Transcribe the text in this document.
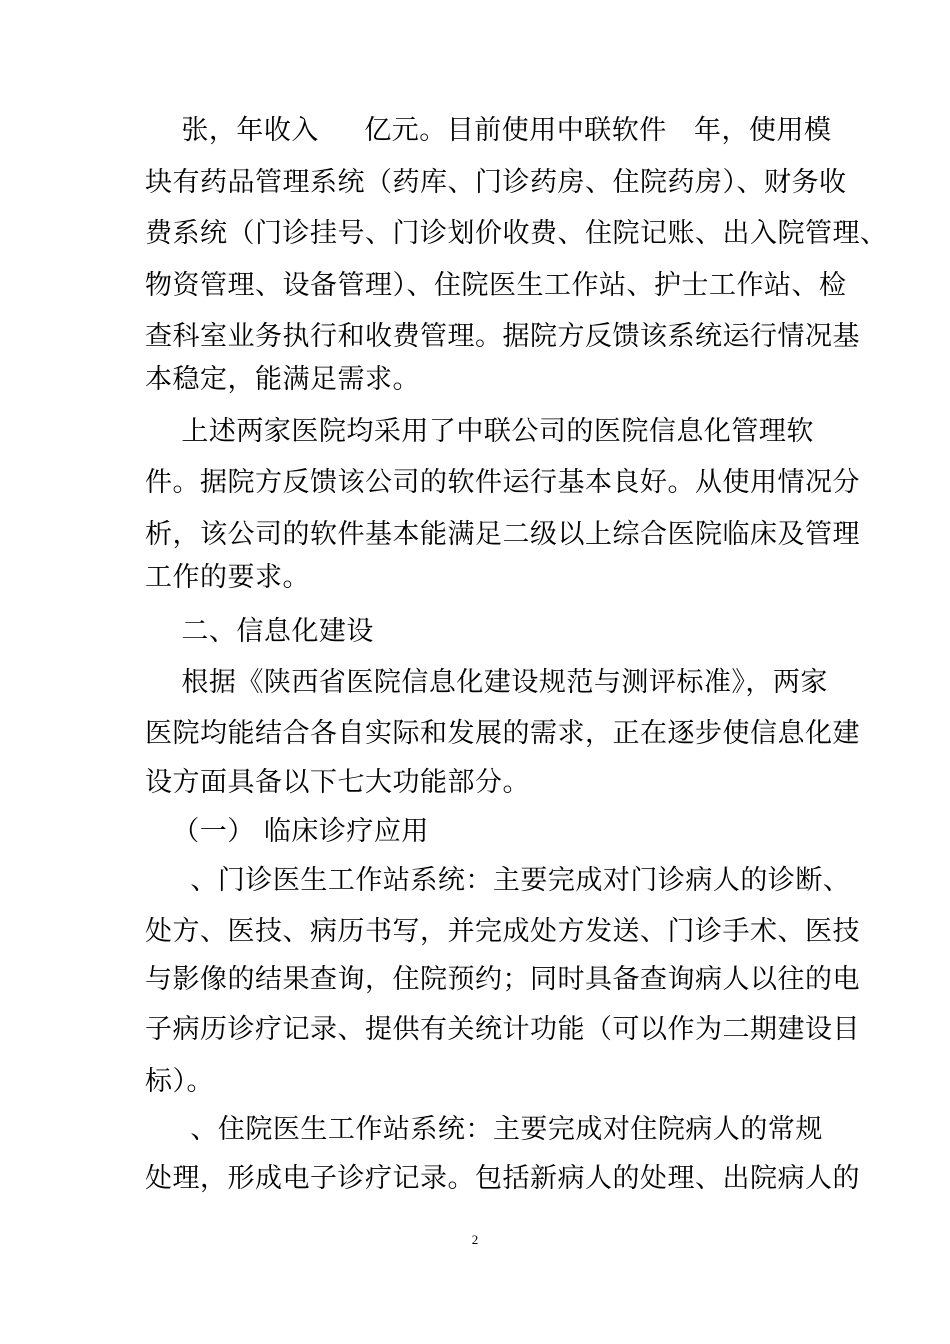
张，年收入     亿元。目前使用中联软件   年，使用模
块有药品管理系统（药库、门诊药房、住院药房）、财务收
费系统（门诊挂号、门诊划价收费、住院记账、出入院管理、
物资管理、设备管理）、住院医生工作站、护士工作站、检
查科室业务执行和收费管理。据院方反馈该系统运行情况基
本稳定，能满足需求。
上述两家医院均采用了中联公司的医院信息化管理软
件。据院方反馈该公司的软件运行基本良好。从使用情况分
析，该公司的软件基本能满足二级以上综合医院临床及管理
工作的要求。
二、信息化建设
根据《陕西省医院信息化建设规范与测评标准》，两家
医院均能结合各自实际和发展的需求，正在逐步使信息化建
设方面具备以下七大功能部分。
（一） 临床诊疗应用
、门诊医生工作站系统：主要完成对门诊病人的诊断、
处方、医技、病历书写，并完成处方发送、门诊手术、医技
与影像的结果查询，住院预约；同时具备查询病人以往的电
子病历诊疗记录、提供有关统计功能（可以作为二期建设目
标）。
、住院医生工作站系统：主要完成对住院病人的常规
处理，形成电子诊疗记录。包括新病人的处理、出院病人的
2
